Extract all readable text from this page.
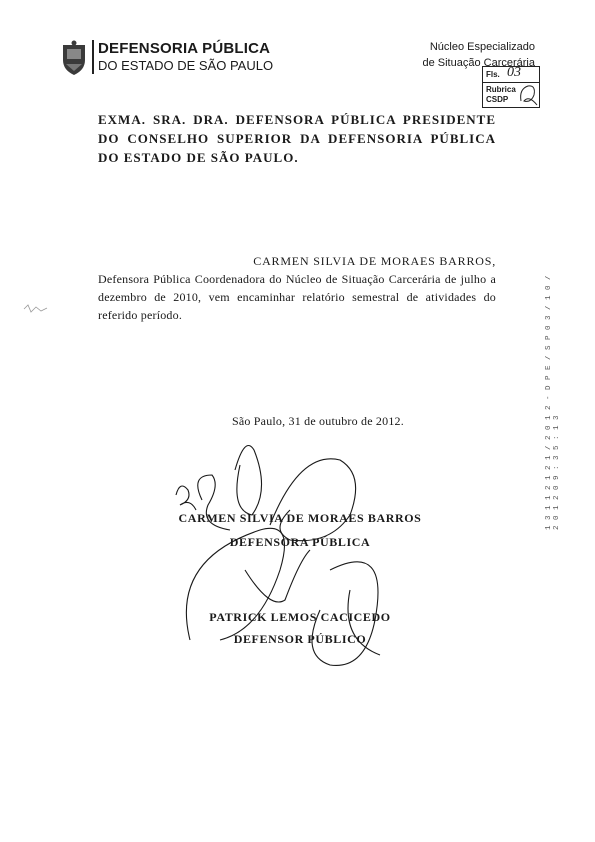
DEFENSORIA PÚBLICA
DO ESTADO DE SÃO PAULO
Núcleo Especializado
de Situação Carcerária
Fls. 03
Rubrica
CSDP
EXMA. SRA. DRA. DEFENSORA PÚBLICA PRESIDENTE DO CONSELHO SUPERIOR DA DEFENSORIA PÚBLICA DO ESTADO DE SÃO PAULO.
CARMEN SILVIA DE MORAES BARROS,
Defensora Pública Coordenadora do Núcleo de Situação Carcerária de julho a dezembro de 2010, vem encaminhar relatório semestral de atividades do referido período.
São Paulo, 31 de outubro de 2012.
CARMEN SILVIA DE MORAES BARROS
DEFENSORA PÚBLICA
PATRICK LEMOS CACICEDO
DEFENSOR PÚBLICO
1 3 1 1 2 1 2 1 / 2 0 1 2 - D P E / S P 0 3 / 1 0 / 2 0 1 2 0 9 : 3 5 : 1 3
